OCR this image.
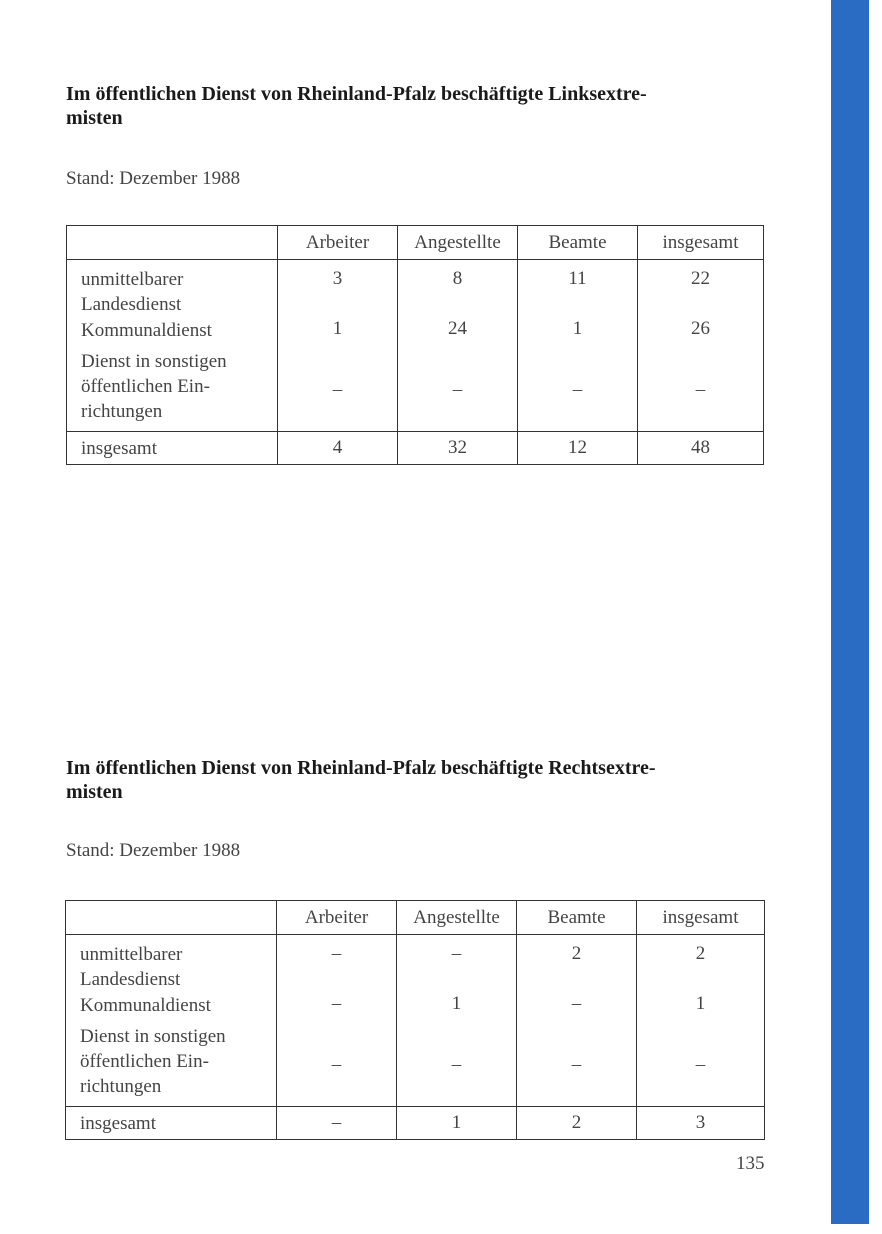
Im öffentlichen Dienst von Rheinland-Pfalz beschäftigte Linksextre-
misten

Stand: Dezember 1988

	Arbeiter	Angestellte	Beamte	insgesamt
unmittelbarer
Landesdienst	3	8	11	22
Kommunaldienst	1	24	1	26
Dienst in sonstigen
öffentlichen Ein-
richtungen	–	–	–	–
insgesamt	4	32	12	48

Im öffentlichen Dienst von Rheinland-Pfalz beschäftigte Rechtsextre-
misten

Stand: Dezember 1988

	Arbeiter	Angestellte	Beamte	insgesamt
unmittelbarer
Landesdienst	–	–	2	2
Kommunaldienst	–	1	–	1
Dienst in sonstigen
öffentlichen Ein-
richtungen	–	–	–	–
insgesamt	–	1	2	3
135
